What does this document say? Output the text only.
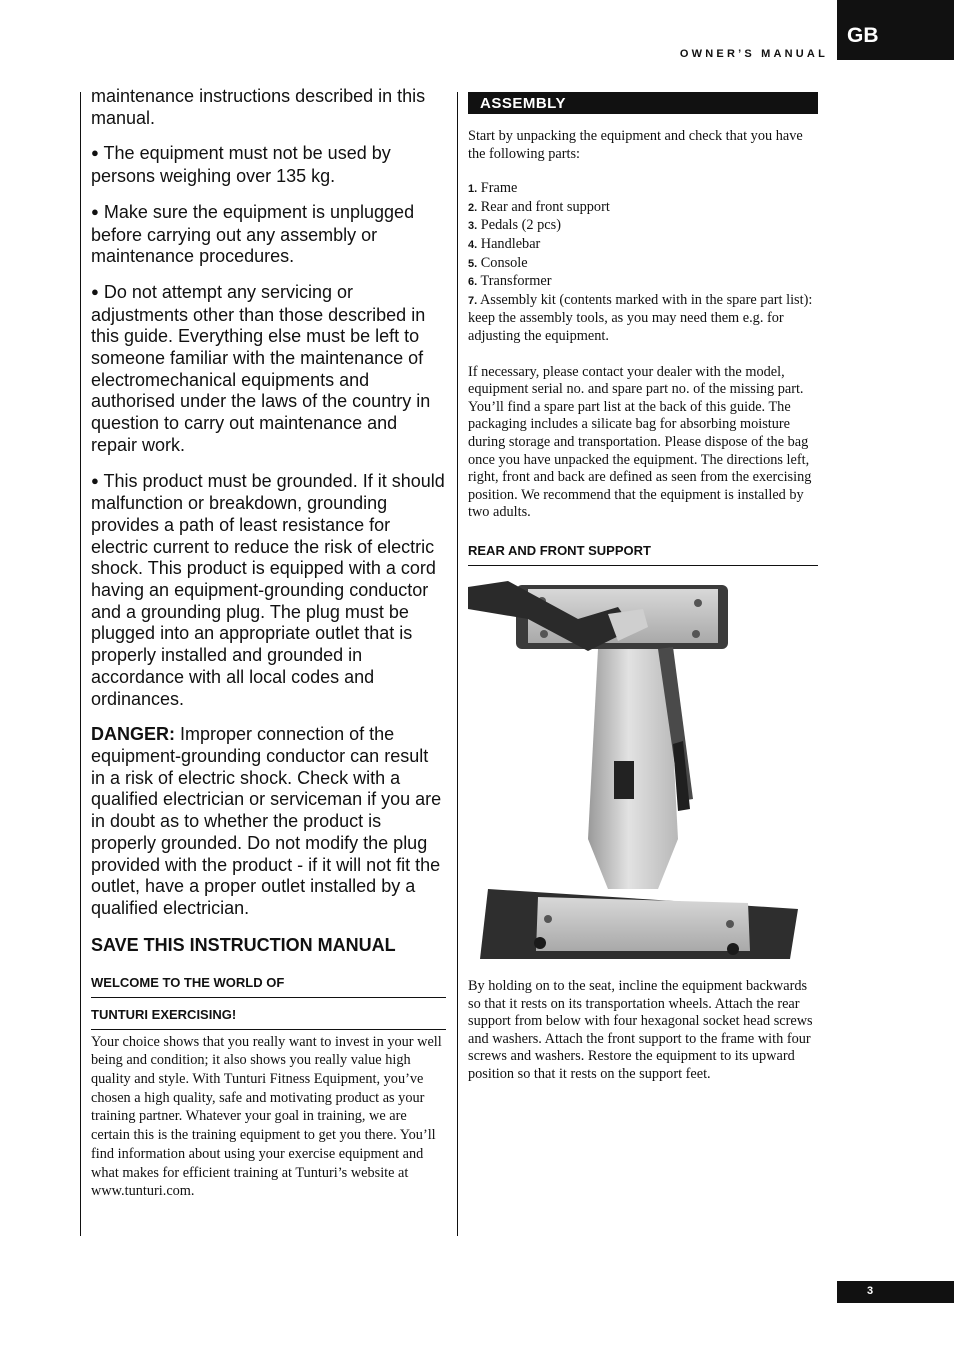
OWNER’S MANUAL
GB

maintenance instructions described in this manual.

● The equipment must not be used by persons weighing over 135 kg.

● Make sure the equipment is unplugged before carrying out any assembly or maintenance procedures.

● Do not attempt any servicing or adjustments other than those described in this guide. Everything else must be left to someone familiar with the maintenance of electromechanical equipments and authorised under the laws of the country in question to carry out maintenance and repair work.

● This product must be grounded. If it should malfunction or breakdown, grounding provides a path of least resistance for electric current to reduce the risk of electric shock. This product is equipped with a cord having an equipment-grounding conductor and a grounding plug. The plug must be plugged into an appropriate outlet that is properly installed and grounded in accordance with all local codes and ordinances.

DANGER: Improper connection of the equipment-grounding conductor can result in a risk of electric shock. Check with a qualified electrician or serviceman if you are in doubt as to whether the product is properly grounded. Do not modify the plug provided with the product - if it will not fit the outlet, have a proper outlet installed by a qualified electrician.

SAVE THIS INSTRUCTION MANUAL
WELCOME TO THE WORLD OF
TUNTURI EXERCISING!

Your choice shows that you really want to invest in your well being and condition; it also shows you really value high quality and style. With Tunturi Fitness Equipment, you’ve chosen a high quality, safe and motivating product as your training partner. Whatever your goal in training, we are certain this is the training equipment to get you there. You’ll find information about using your exercise equipment and what makes for efficient training at Tunturi’s website at www.tunturi.com.

ASSEMBLY

Start by unpacking the equipment and check that you have the following parts:

1. Frame
2. Rear and front support
3. Pedals (2 pcs)
4. Handlebar
5. Console
6. Transformer
7. Assembly kit (contents marked with in the spare part list): keep the assembly tools, as you may need them e.g. for adjusting the equipment.

If necessary, please contact your dealer with the model, equipment serial no. and spare part no. of the missing part. You’ll find a spare part list at the back of this guide. The packaging includes a silicate bag for absorbing moisture during storage and transportation. Please dispose of the bag once you have unpacked the equipment. The directions left, right, front and back are defined as seen from the exercising position. We recommend that the equipment is installed by two adults.

REAR AND FRONT SUPPORT

By holding on to the seat, incline the equipment backwards so that it rests on its transportation wheels. Attach the rear support from below with four hexagonal socket head screws and washers. Attach the front support to the frame with four screws and washers. Restore the equipment to its upward position so that it rests on the support feet.

3
